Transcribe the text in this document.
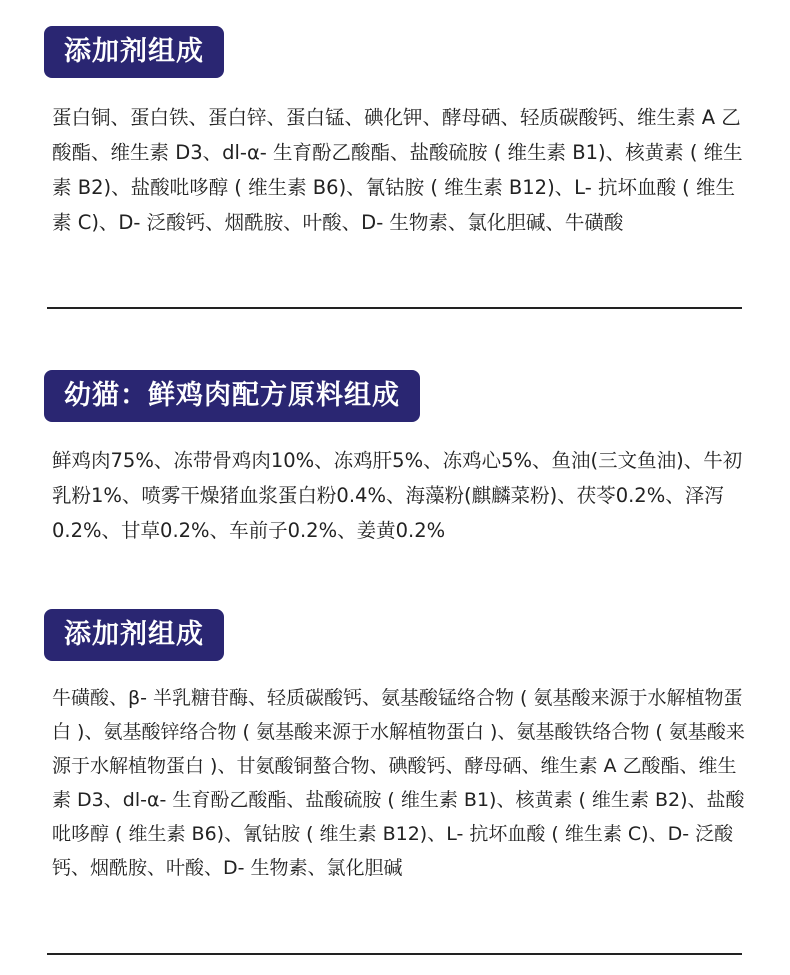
添加剂组成

蛋白铜、蛋白铁、蛋白锌、蛋白锰、碘化钾、酵母硒、轻质碳酸钙、维生素 A 乙酸酯、维生素 D3、dl-α- 生育酚乙酸酯、盐酸硫胺 ( 维生素 B1)、核黄素 ( 维生素 B2)、盐酸吡哆醇 ( 维生素 B6)、氰钴胺 ( 维生素 B12)、L- 抗坏血酸 ( 维生素 C)、D- 泛酸钙、烟酰胺、叶酸、D- 生物素、氯化胆碱、牛磺酸

幼猫：鲜鸡肉配方原料组成

鲜鸡肉75%、冻带骨鸡肉10%、冻鸡肝5%、冻鸡心5%、鱼油(三文鱼油)、牛初乳粉1%、喷雾干燥猪血浆蛋白粉0.4%、海藻粉(麒麟菜粉)、茯苓0.2%、泽泻0.2%、甘草0.2%、车前子0.2%、姜黄0.2%

添加剂组成

牛磺酸、β- 半乳糖苷酶、轻质碳酸钙、氨基酸锰络合物 ( 氨基酸来源于水解植物蛋白 )、氨基酸锌络合物 ( 氨基酸来源于水解植物蛋白 )、氨基酸铁络合物 ( 氨基酸来源于水解植物蛋白 )、甘氨酸铜螯合物、碘酸钙、酵母硒、维生素 A 乙酸酯、维生素 D3、dl-α- 生育酚乙酸酯、盐酸硫胺 ( 维生素 B1)、核黄素 ( 维生素 B2)、盐酸吡哆醇 ( 维生素 B6)、氰钴胺 ( 维生素 B12)、L- 抗坏血酸 ( 维生素 C)、D- 泛酸钙、烟酰胺、叶酸、D- 生物素、氯化胆碱
